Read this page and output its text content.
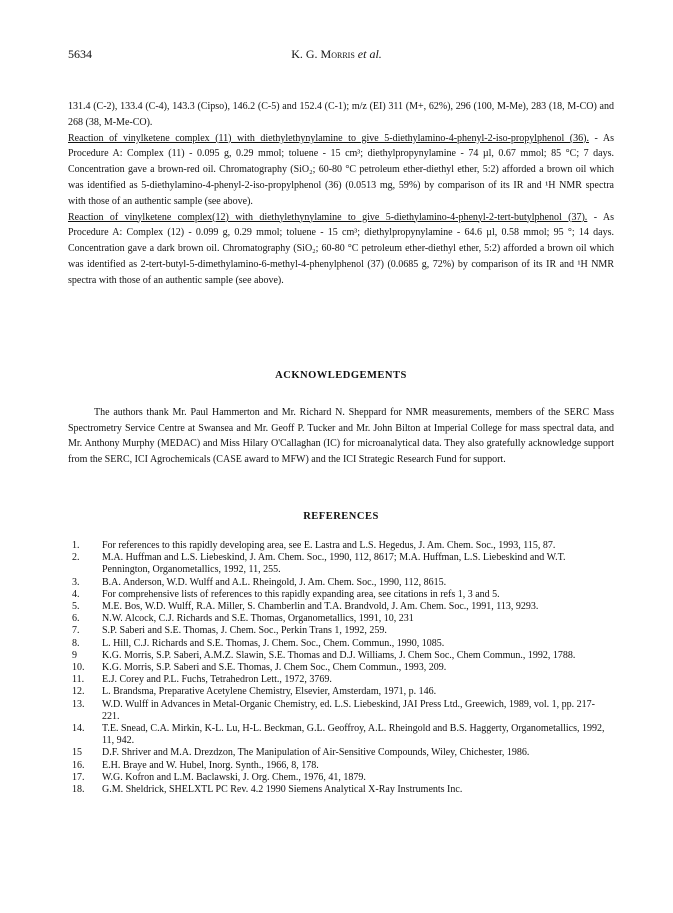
5634	K. G. Morris et al.

131.4 (C-2), 133.4 (C-4), 143.3 (Cipso), 146.2 (C-5) and 152.4 (C-1); m/z (EI) 311 (M+, 62%), 296 (100, M-Me), 283 (18, M-CO) and 268 (38, M-Me-CO).

Reaction of vinylketene complex (11) with diethylethynylamine to give 5-diethylamino-4-phenyl-2-iso-propylphenol (36). - As Procedure A: Complex (11) - 0.095 g, 0.29 mmol; toluene - 15 cm³; diethylpropynylamine - 74 µl, 0.67 mmol; 85 °C; 7 days. Concentration gave a brown-red oil. Chromatography (SiO₂; 60-80 °C petroleum ether-diethyl ether, 5:2) afforded a brown oil which was identified as 5-diethylamino-4-phenyl-2-iso-propylphenol (36) (0.0513 mg, 59%) by comparison of its IR and ¹H NMR spectra with those of an authentic sample (see above).

Reaction of vinylketene complex(12) with diethylethynylamine to give 5-diethylamino-4-phenyl-2-tert-butylphenol (37). - As Procedure A: Complex (12) - 0.099 g, 0.29 mmol; toluene - 15 cm³; diethylpropynylamine - 64.6 µl, 0.58 mmol; 95 °; 14 days. Concentration gave a dark brown oil. Chromatography (SiO₂; 60-80 °C petroleum ether-diethyl ether, 5:2) afforded a brown oil which was identified as 2-tert-butyl-5-dimethylamino-6-methyl-4-phenylphenol (37) (0.0685 g, 72%) by comparison of its IR and ¹H NMR spectra with those of an authentic sample (see above).

ACKNOWLEDGEMENTS
The authors thank Mr. Paul Hammerton and Mr. Richard N. Sheppard for NMR measurements, members of the SERC Mass Spectrometry Service Centre at Swansea and Mr. Geoff P. Tucker and Mr. John Bilton at Imperial College for mass spectral data, and Mr. Anthony Murphy (MEDAC) and Miss Hilary O'Callaghan (IC) for microanalytical data. They also gratefully acknowledge support from the SERC, ICI Agrochemicals (CASE award to MFW) and the ICI Strategic Research Fund for support.
REFERENCES
1.	For references to this rapidly developing area, see E. Lastra and L.S. Hegedus, J. Am. Chem. Soc., 1993, 115, 87.
2.	M.A. Huffman and L.S. Liebeskind, J. Am. Chem. Soc., 1990, 112, 8617; M.A. Huffman, L.S. Liebeskind and W.T. Pennington, Organometallics, 1992, 11, 255.
3.	B.A. Anderson, W.D. Wulff and A.L. Rheingold, J. Am. Chem. Soc., 1990, 112, 8615.
4.	For comprehensive lists of references to this rapidly expanding area, see citations in refs 1, 3 and 5.
5.	M.E. Bos, W.D. Wulff, R.A. Miller, S. Chamberlin and T.A. Brandvold, J. Am. Chem. Soc., 1991, 113, 9293.
6.	N.W. Alcock, C.J. Richards and S.E. Thomas, Organometallics, 1991, 10, 231
7.	S.P. Saberi and S.E. Thomas, J. Chem. Soc., Perkin Trans 1, 1992, 259.
8.	L. Hill, C.J. Richards and S.E. Thomas, J. Chem. Soc., Chem. Commun., 1990, 1085.
9	K.G. Morris, S.P. Saberi, A.M.Z. Slawin, S.E. Thomas and D.J. Williams, J. Chem Soc., Chem Commun., 1992, 1788.
10.	K.G. Morris, S.P. Saberi and S.E. Thomas, J. Chem Soc., Chem Commun., 1993, 209.
11.	E.J. Corey and P.L. Fuchs, Tetrahedron Lett., 1972, 3769.
12.	L. Brandsma, Preparative Acetylene Chemistry, Elsevier, Amsterdam, 1971, p. 146.
13.	W.D. Wulff in Advances in Metal-Organic Chemistry, ed. L.S. Liebeskind, JAI Press Ltd., Greewich, 1989, vol. 1, pp. 217-221.
14.	T.E. Snead, C.A. Mirkin, K-L. Lu, H-L. Beckman, G.L. Geoffroy, A.L. Rheingold and B.S. Haggerty, Organometallics, 1992, 11, 942.
15	D.F. Shriver and M.A. Drezdzon, The Manipulation of Air-Sensitive Compounds, Wiley, Chichester, 1986.
16.	E.H. Braye and W. Hubel, Inorg. Synth., 1966, 8, 178.
17.	W.G. Kofron and L.M. Baclawski, J. Org. Chem., 1976, 41, 1879.
18.	G.M. Sheldrick, SHELXTL PC Rev. 4.2 1990 Siemens Analytical X-Ray Instruments Inc.
